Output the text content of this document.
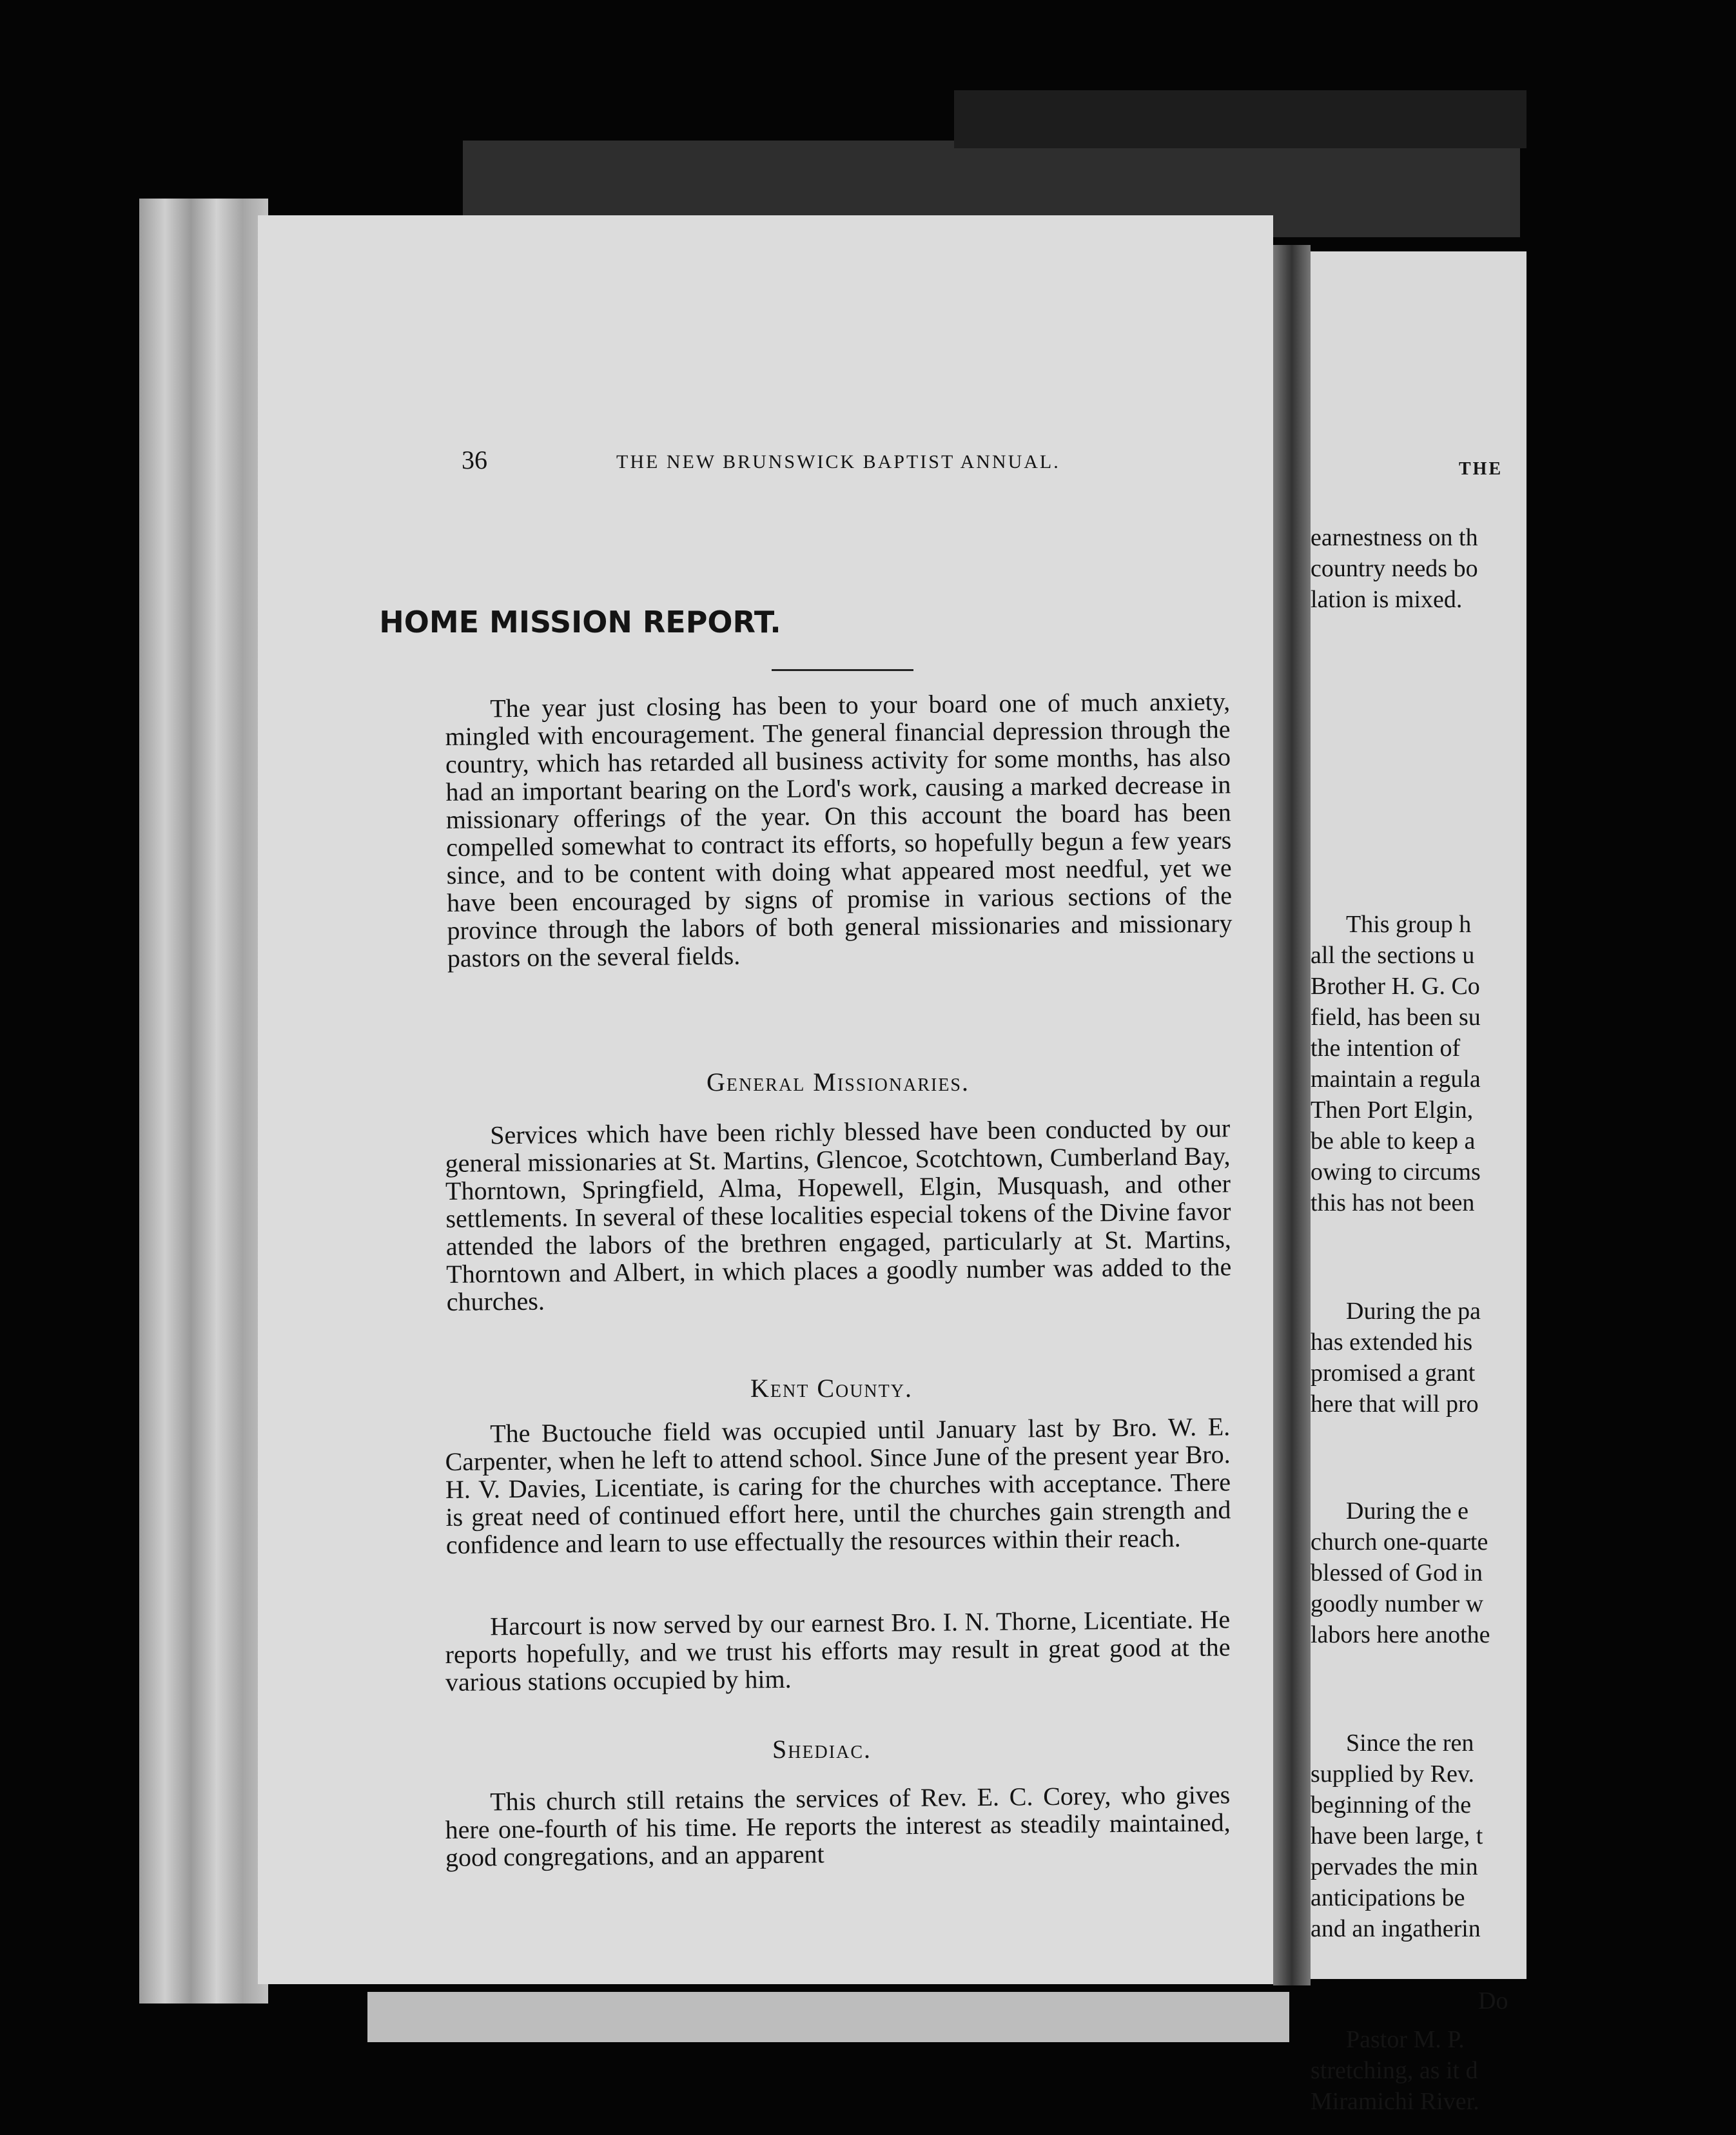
36	THE NEW BRUNSWICK BAPTIST ANNUAL.
HOME MISSION REPORT.

The year just closing has been to your board one of much anxiety, mingled with encouragement. The general financial depression through the country, which has retarded all business activity for some months, has also had an important bearing on the Lord's work, causing a marked decrease in missionary offerings of the year. On this account the board has been compelled somewhat to contract its efforts, so hopefully begun a few years since, and to be content with doing what appeared most needful, yet we have been encouraged by signs of promise in various sections of the province through the labors of both general missionaries and missionary pastors on the several fields.

General Missionaries.

Services which have been richly blessed have been conducted by our general missionaries at St. Martins, Glencoe, Scotchtown, Cumberland Bay, Thorntown, Springfield, Alma, Hopewell, Elgin, Musquash, and other settlements. In several of these localities especial tokens of the Divine favor attended the labors of the brethren engaged, particularly at St. Martins, Thorntown and Albert, in which places a goodly number was added to the churches.

Kent County.

The Buctouche field was occupied until January last by Bro. W. E. Carpenter, when he left to attend school. Since June of the present year Bro. H. V. Davies, Licentiate, is caring for the churches with acceptance. There is great need of continued effort here, until the churches gain strength and confidence and learn to use effectually the resources within their reach.

Harcourt is now served by our earnest Bro. I. N. Thorne, Licentiate. He reports hopefully, and we trust his efforts may result in great good at the various stations occupied by him.

Shediac.

This church still retains the services of Rev. E. C. Corey, who gives here one-fourth of his time. He reports the interest as steadily maintained, good congregations, and an apparent

THE

earnestness on th

country needs bo

lation is mixed.

This group h

all the sections u

Brother H. G. Co

field, has been su

the intention of

maintain a regula

Then Port Elgin,

be able to keep a

owing to circums

this has not been

During the pa

has extended his

promised a grant

here that will pro

During the e

church one-quarte

blessed of God in

goodly number w

labors here anothe

Since the ren

supplied by Rev.

beginning of the

have been large, t

pervades the min

anticipations be

and an ingatherin

Do

Pastor M. P.

stretching, as it d

Miramichi River.
